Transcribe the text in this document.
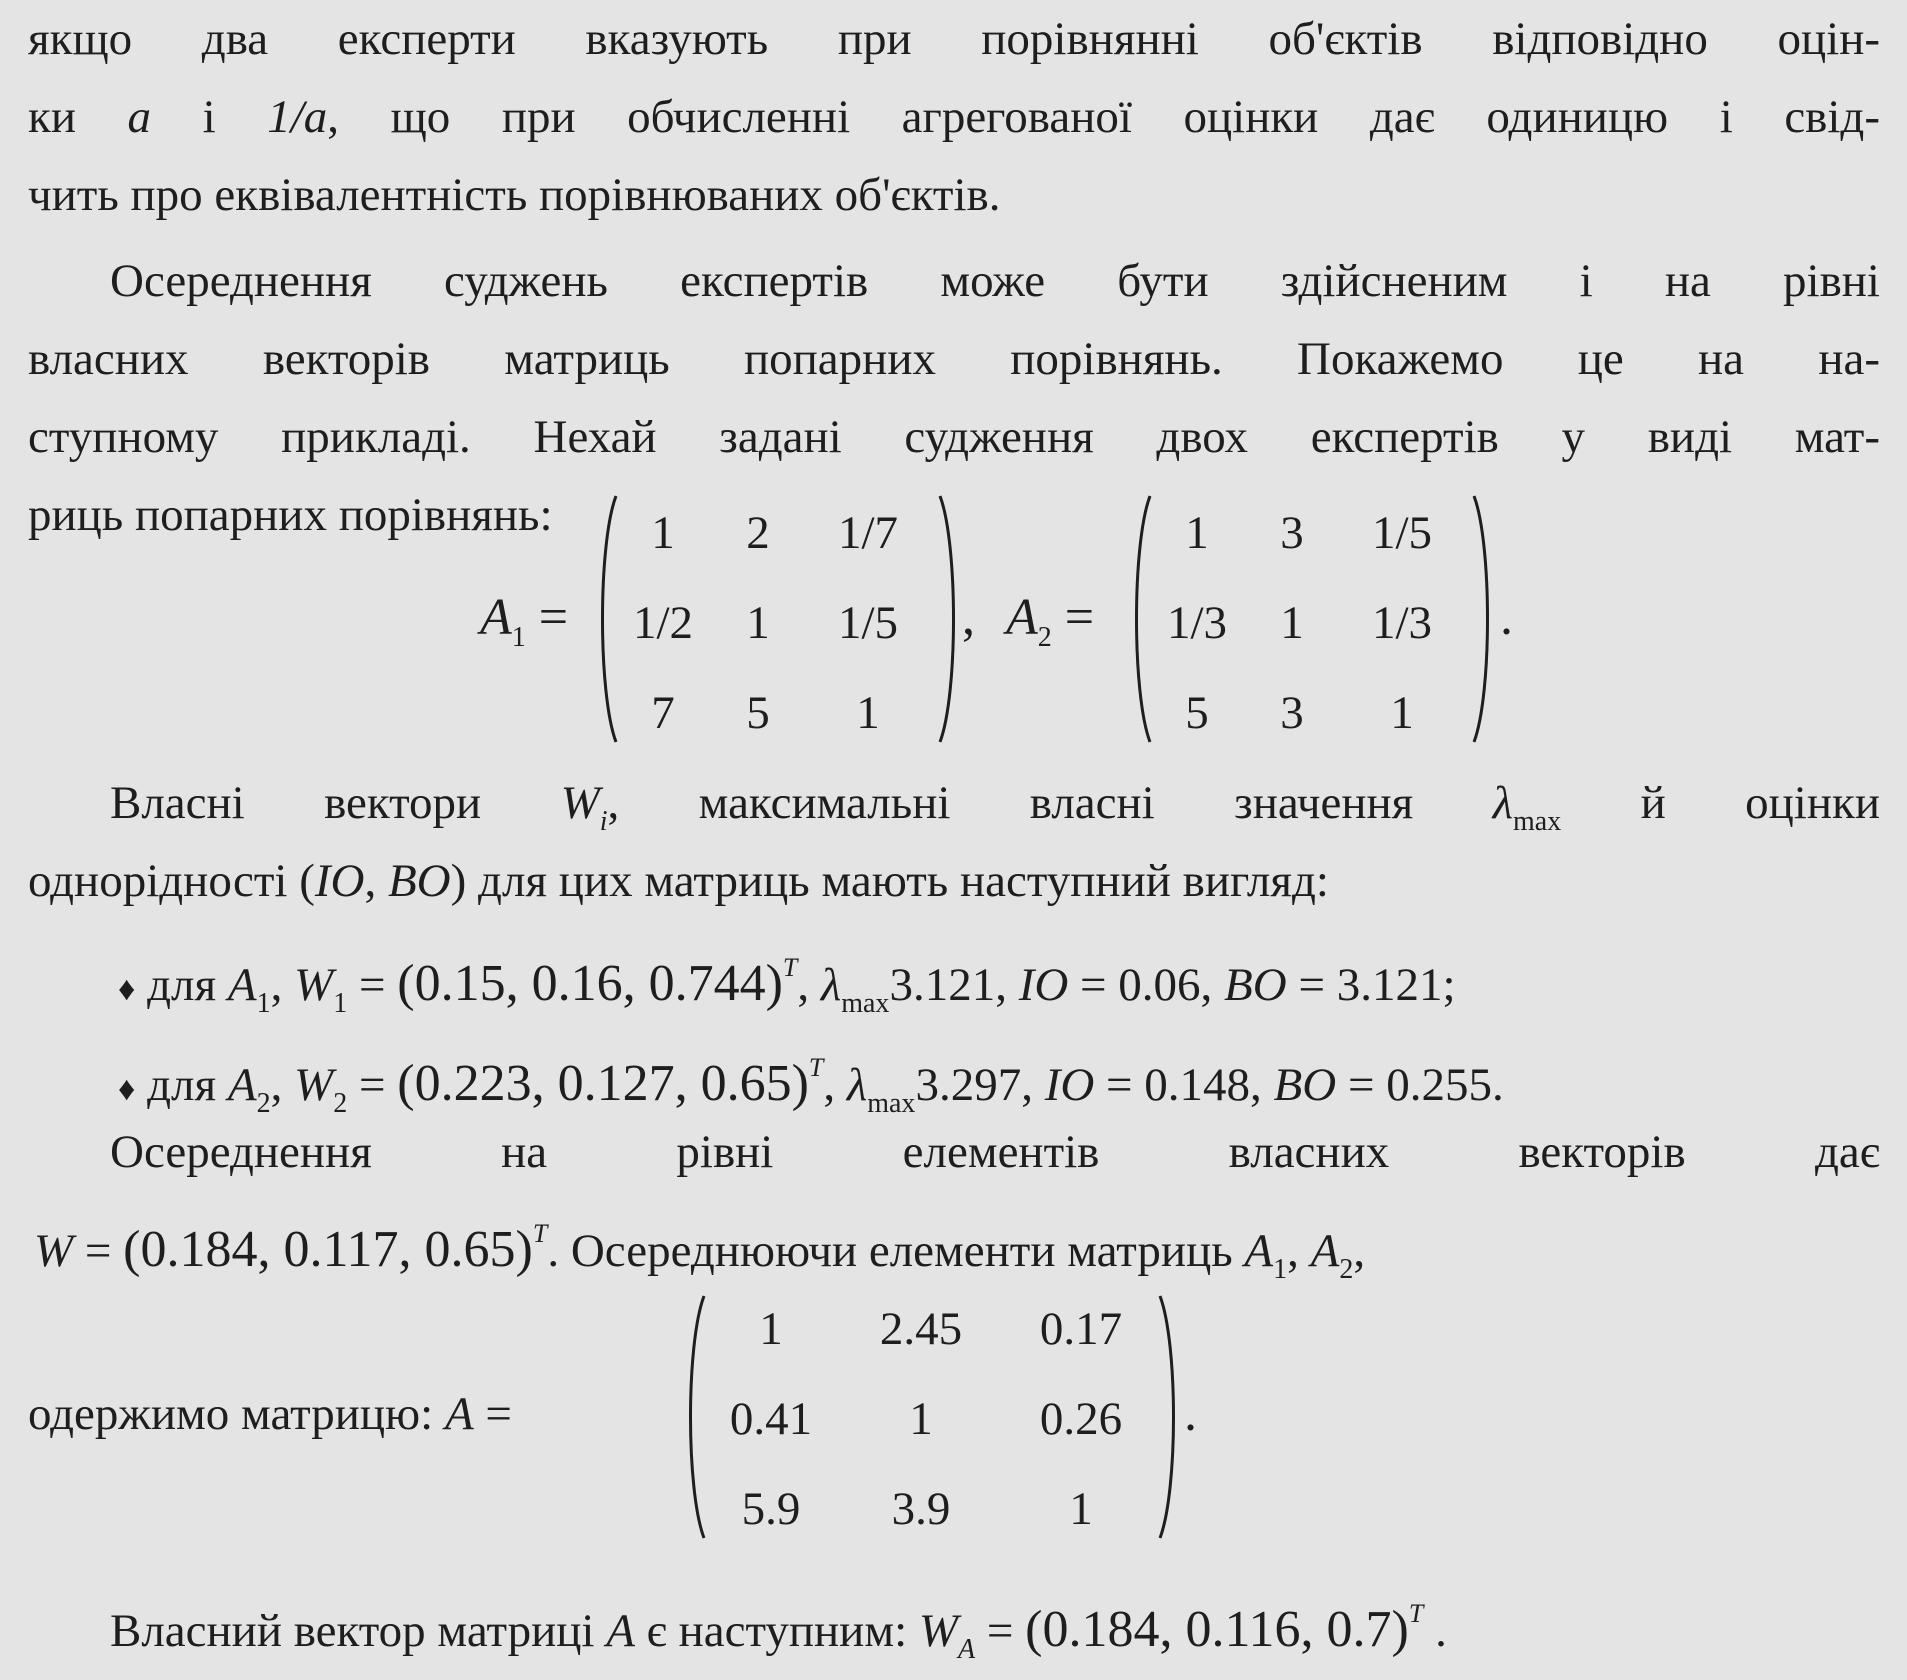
якщо два експерти вказують при порівнянні об'єктів відповідно оцін-
ки a і 1/a, що при обчисленні агрегованої оцінки дає одиницю і свід-
чить про еквівалентність порівнюваних об'єктів.
Осереднення суджень експертів може бути здійсненим і на рівні
власних векторів матриць попарних порівнянь. Покажемо це на на-
ступному прикладі. Нехай задані судження двох експертів у виді мат-
риць попарних порівнянь:
$A_1$ =
1	2	1/7
1/2	1	1/5
7	5	1
, $A_2$ =
1	3	1/5
1/3	1	1/3
5	3	1
.
Власні вектори $W_i$, максимальні власні значення $\lambda_{max}$ й оцінки
однорідності (IO, BO) для цих матриць мають наступний вигляд:
♦ для $A_1$, $W_1 = (0.15$, 0.16, 0.744)$^T$, $\lambda_{max}3.121$, IO = 0.06, BO = 3.121;
♦ для $A_2$, $W_2 = (0.223$, 0.127, 0.65)$^T$, $\lambda_{max}3.297$, IO = 0.148, BO = 0.255.
Осереднення	на	рівні	елементів	власних	векторів	дає
W = (0.184, 0.117, 0.65)$^T$. Осереднюючи елементи матриць $A_1$, $A_2$,
одержимо матрицю: A =
1	2.45	0.17
0.41	1	0.26
5.9	3.9	1
.
Власний вектор матриці A є наступним: $W_A = (0.184$, 0.116, 0.7)$^T$ .
